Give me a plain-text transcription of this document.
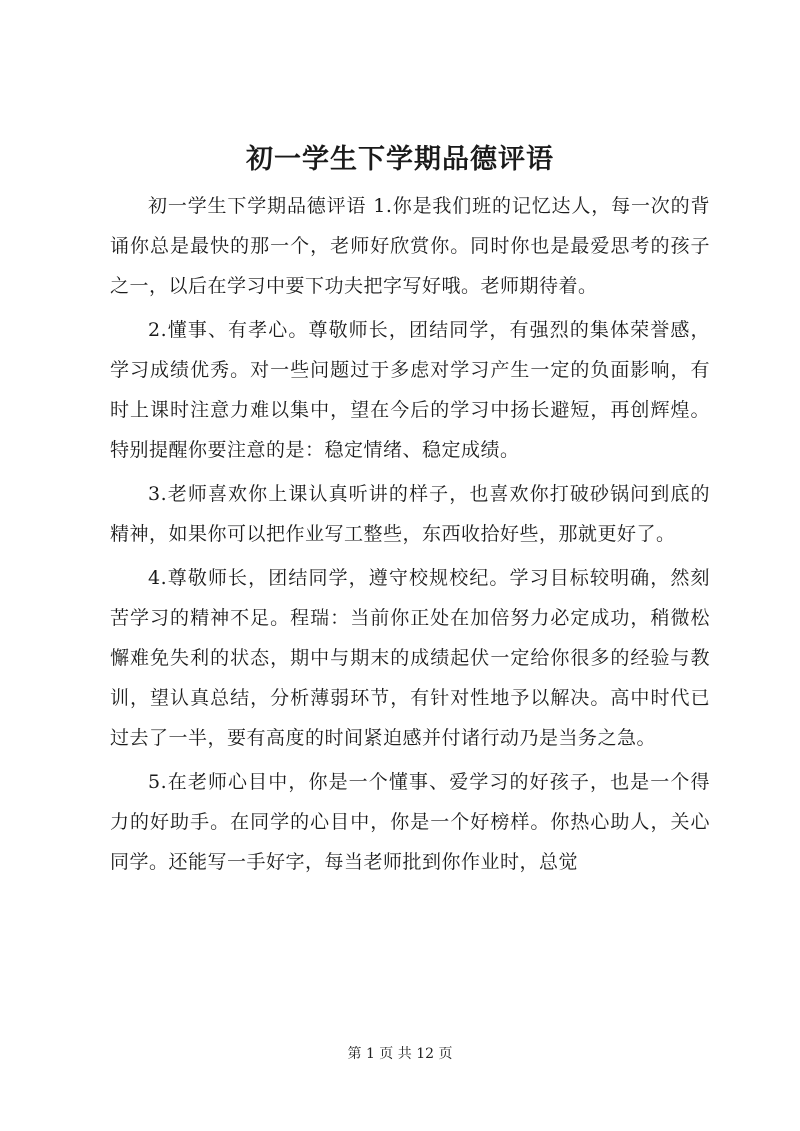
初一学生下学期品德评语

初一学生下学期品德评语 1.你是我们班的记忆达人，每一次的背诵你总是最快的那一个，老师好欣赏你。同时你也是最爱思考的孩子之一，以后在学习中要下功夫把字写好哦。老师期待着。

2.懂事、有孝心。尊敬师长，团结同学，有强烈的集体荣誉感，学习成绩优秀。对一些问题过于多虑对学习产生一定的负面影响，有时上课时注意力难以集中，望在今后的学习中扬长避短，再创辉煌。特别提醒你要注意的是：稳定情绪、稳定成绩。

3.老师喜欢你上课认真听讲的样子，也喜欢你打破砂锅问到底的精神，如果你可以把作业写工整些，东西收拾好些，那就更好了。

4.尊敬师长，团结同学，遵守校规校纪。学习目标较明确，然刻苦学习的精神不足。程瑞：当前你正处在加倍努力必定成功，稍微松懈难免失利的状态，期中与期末的成绩起伏一定给你很多的经验与教训，望认真总结，分析薄弱环节，有针对性地予以解决。高中时代已过去了一半，要有高度的时间紧迫感并付诸行动乃是当务之急。

5.在老师心目中，你是一个懂事、爱学习的好孩子，也是一个得力的好助手。在同学的心目中，你是一个好榜样。你热心助人，关心同学。还能写一手好字，每当老师批到你作业时，总觉

第 1 页 共 12 页
